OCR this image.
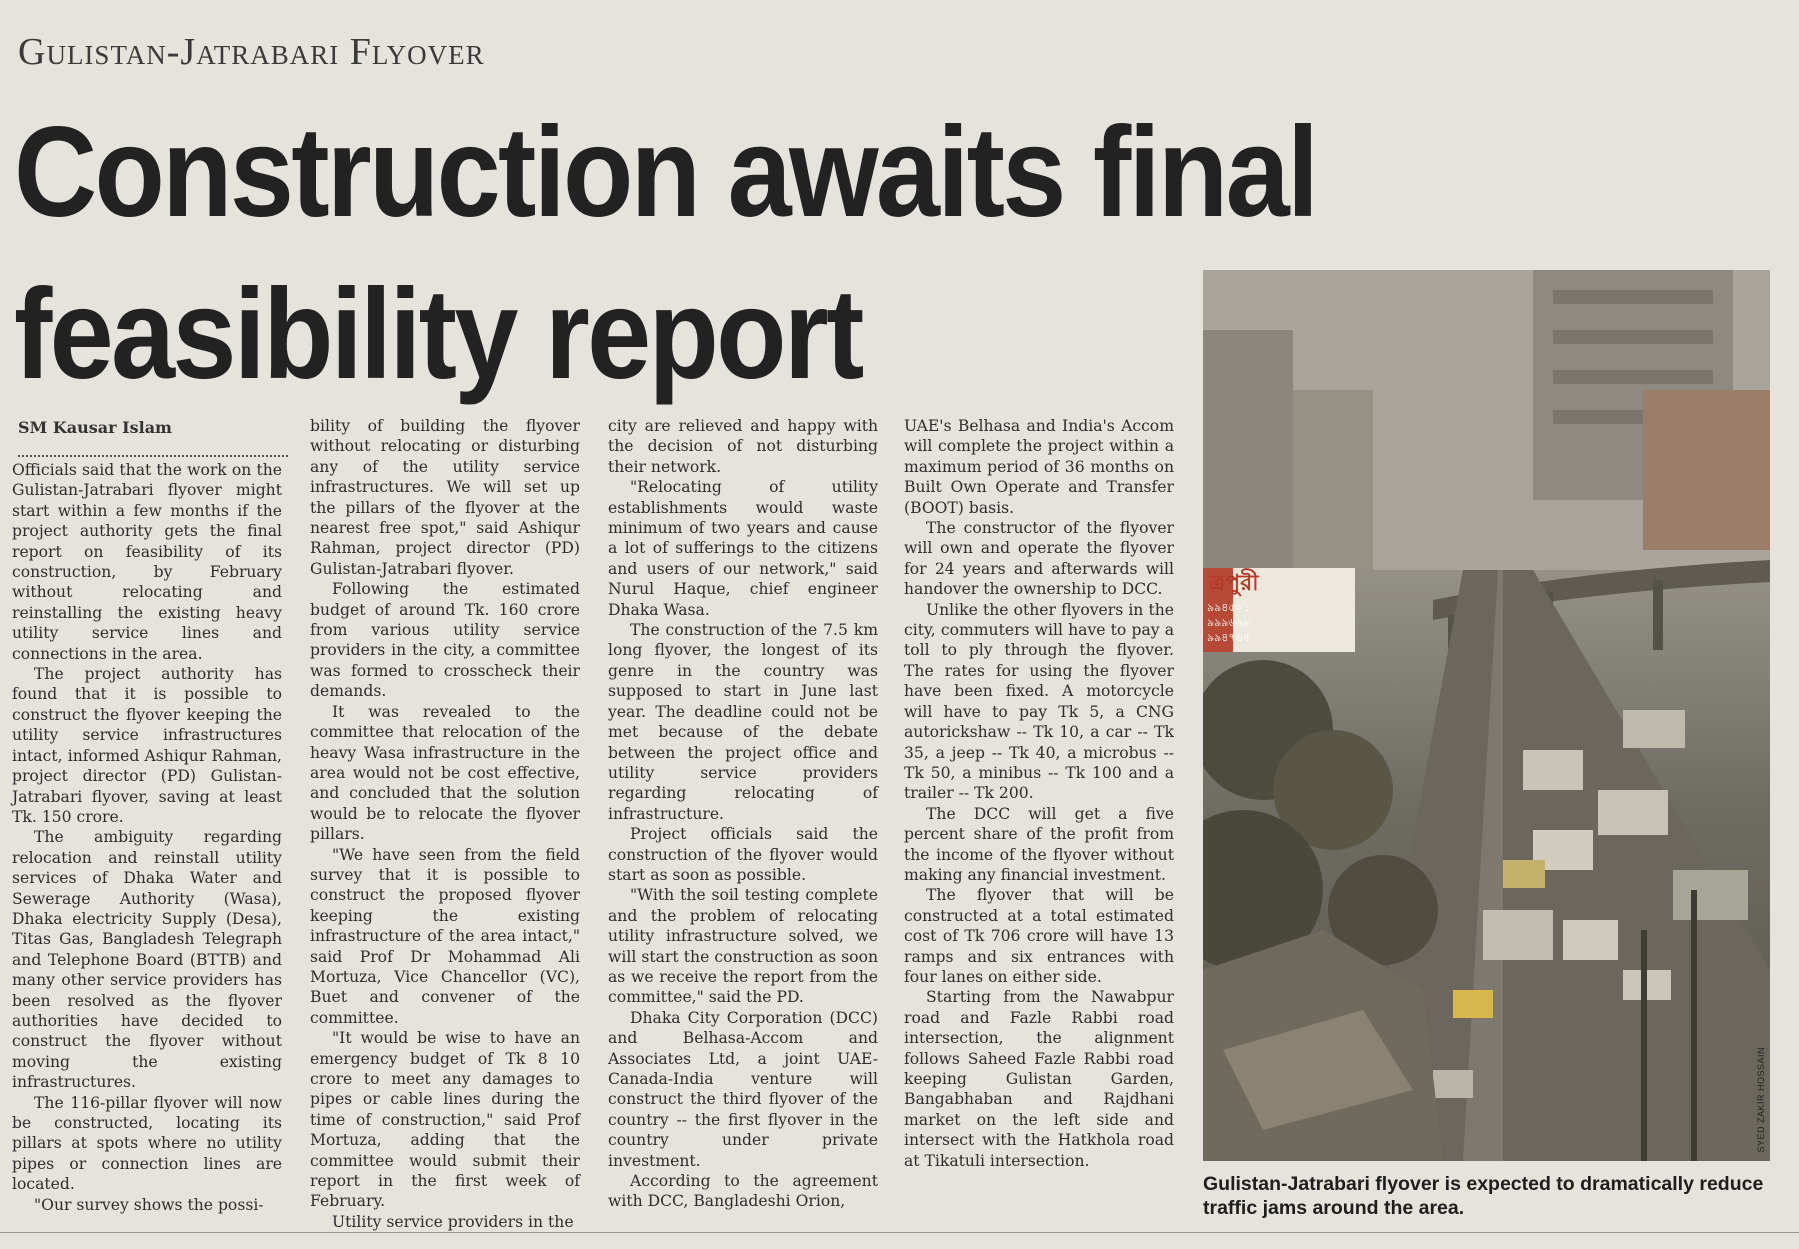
Gulistan-Jatrabari Flyover
Construction awaits final feasibility report

SM Kausar Islam

Officials said that the work on the Gulistan-Jatrabari flyover might start within a few months if the project authority gets the final report on feasibility of its construction, by February without relocating and reinstalling the existing heavy utility service lines and connections in the area.

The project authority has found that it is possible to construct the flyover keeping the utility service infrastructures intact, informed Ashiqur Rahman, project director (PD) Gulistan-Jatrabari flyover, saving at least Tk. 150 crore.

The ambiguity regarding relocation and reinstall utility services of Dhaka Water and Sewerage Authority (Wasa), Dhaka electricity Supply (Desa), Titas Gas, Bangladesh Telegraph and Telephone Board (BTTB) and many other service providers has been resolved as the flyover authorities have decided to construct the flyover without moving the existing infrastructures.

The 116-pillar flyover will now be constructed, locating its pillars at spots where no utility pipes or connection lines are located.

"Our survey shows the possi-

bility of building the flyover without relocating or disturbing any of the utility service infrastructures. We will set up the pillars of the flyover at the nearest free spot," said Ashiqur Rahman, project director (PD) Gulistan-Jatrabari flyover.

Following the estimated budget of around Tk. 160 crore from various utility service providers in the city, a committee was formed to crosscheck their demands.

It was revealed to the committee that relocation of the heavy Wasa infrastructure in the area would not be cost effective, and concluded that the solution would be to relocate the flyover pillars.

"We have seen from the field survey that it is possible to construct the proposed flyover keeping the existing infrastructure of the area intact," said Prof Dr Mohammad Ali Mortuza, Vice Chancellor (VC), Buet and convener of the committee.

"It would be wise to have an emergency budget of Tk 8 10 crore to meet any damages to pipes or cable lines during the time of construction," said Prof Mortuza, adding that the committee would submit their report in the first week of February.

Utility service providers in the

city are relieved and happy with the decision of not disturbing their network.

"Relocating of utility establishments would waste minimum of two years and cause a lot of sufferings to the citizens and users of our network," said Nurul Haque, chief engineer Dhaka Wasa.

The construction of the 7.5 km long flyover, the longest of its genre in the country was supposed to start in June last year. The deadline could not be met because of the debate between the project office and utility service providers regarding relocating of infrastructure.

Project officials said the construction of the flyover would start as soon as possible.

"With the soil testing complete and the problem of relocating utility infrastructure solved, we will start the construction as soon as we receive the report from the committee," said the PD.

Dhaka City Corporation (DCC) and Belhasa-Accom and Associates Ltd, a joint UAE-Canada-India venture will construct the third flyover of the country -- the first flyover in the country under private investment.

According to the agreement with DCC, Bangladeshi Orion,

UAE's Belhasa and India's Accom will complete the project within a maximum period of 36 months on Built Own Operate and Transfer (BOOT) basis.

The constructor of the flyover will own and operate the flyover for 24 years and afterwards will handover the ownership to DCC.

Unlike the other flyovers in the city, commuters will have to pay a toll to ply through the flyover. The rates for using the flyover have been fixed. A motorcycle will have to pay Tk 5, a CNG autorickshaw -- Tk 10, a car -- Tk 35, a jeep -- Tk 40, a microbus -- Tk 50, a minibus -- Tk 100 and a trailer -- Tk 200.

The DCC will get a five percent share of the profit from the income of the flyover without making any financial investment.

The flyover that will be constructed at a total estimated cost of Tk 706 crore will have 13 ramps and six entrances with four lanes on either side.

Starting from the Nawabpur road and Fazle Rabbi road intersection, the alignment follows Saheed Fazle Rabbi road keeping Gulistan Garden, Bangabhaban and Rajdhani market on the left side and intersect with the Hatkhola road at Tikatuli intersection.

ত্রপুরী
৯৯৪৫০১
৯৯৯৬৬৯
৯৯৪৭৬৪
SYED ZAKIR HOSSAIN

Gulistan-Jatrabari flyover is expected to dramatically reduce traffic jams around the area.
